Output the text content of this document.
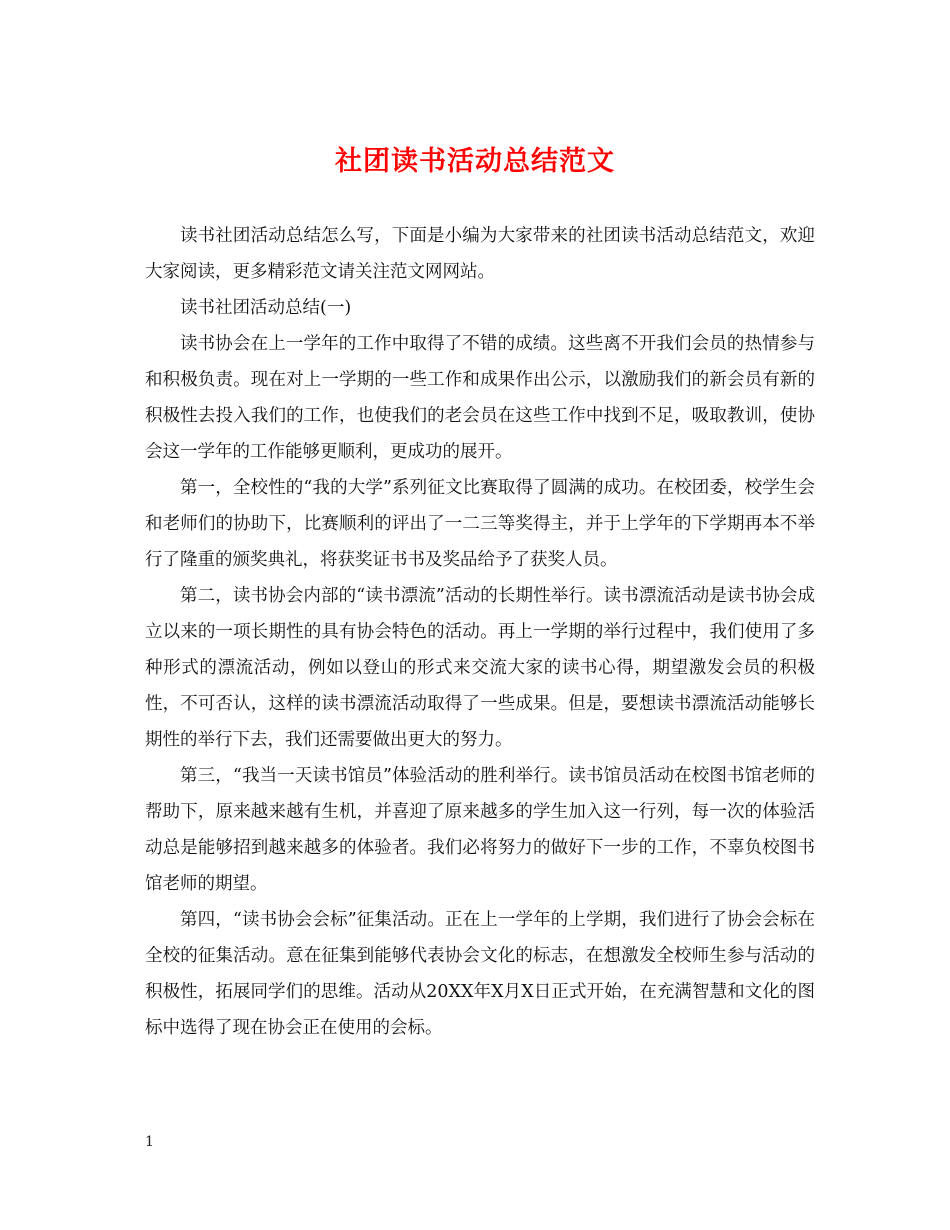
社团读书活动总结范文

读书社团活动总结怎么写，下面是小编为大家带来的社团读书活动总结范文，欢迎大家阅读，更多精彩范文请关注范文网网站。

读书社团活动总结(一)

读书协会在上一学年的工作中取得了不错的成绩。这些离不开我们会员的热情参与和积极负责。现在对上一学期的一些工作和成果作出公示，以激励我们的新会员有新的积极性去投入我们的工作，也使我们的老会员在这些工作中找到不足，吸取教训，使协会这一学年的工作能够更顺利，更成功的展开。

第一，全校性的“我的大学”系列征文比赛取得了圆满的成功。在校团委，校学生会和老师们的协助下，比赛顺利的评出了一二三等奖得主，并于上学年的下学期再本不举行了隆重的颁奖典礼，将获奖证书书及奖品给予了获奖人员。

第二，读书协会内部的“读书漂流”活动的长期性举行。读书漂流活动是读书协会成立以来的一项长期性的具有协会特色的活动。再上一学期的举行过程中，我们使用了多种形式的漂流活动，例如以登山的形式来交流大家的读书心得，期望激发会员的积极性，不可否认，这样的读书漂流活动取得了一些成果。但是，要想读书漂流活动能够长期性的举行下去，我们还需要做出更大的努力。

第三，“我当一天读书馆员”体验活动的胜利举行。读书馆员活动在校图书馆老师的帮助下，原来越来越有生机，并喜迎了原来越多的学生加入这一行列，每一次的体验活动总是能够招到越来越多的体验者。我们必将努力的做好下一步的工作，不辜负校图书馆老师的期望。

第四，“读书协会会标”征集活动。正在上一学年的上学期，我们进行了协会会标在全校的征集活动。意在征集到能够代表协会文化的标志，在想激发全校师生参与活动的积极性，拓展同学们的思维。活动从20XX年X月X日正式开始，在充满智慧和文化的图标中选得了现在协会正在使用的会标。

1
